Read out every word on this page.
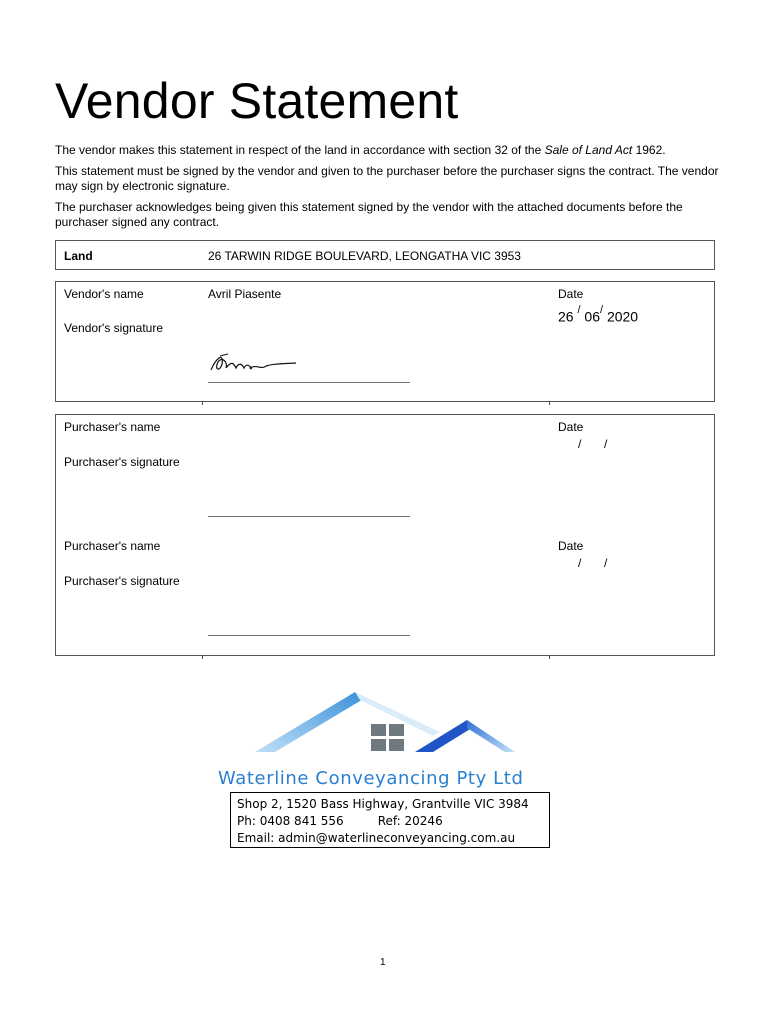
Vendor Statement

The vendor makes this statement in respect of the land in accordance with section 32 of the Sale of Land Act 1962.

This statement must be signed by the vendor and given to the purchaser before the purchaser signs the contract. The vendor may sign by electronic signature.

The purchaser acknowledges being given this statement signed by the vendor with the attached documents before the purchaser signed any contract.

Land	26 TARWIN RIDGE BOULEVARD, LEONGATHA VIC 3953
Vendor's name	Avril Piasente	Date
26 / 06/ 2020
Vendor's signature
Purchaser's name	Date
/ /
Purchaser's signature
Purchaser's name	Date
/ /
Purchaser's signature
Waterline Conveyancing Pty Ltd
Shop 2, 1520 Bass Highway, Grantville VIC 3984
Ph: 0408 841 556	Ref: 20246
Email: admin@waterlineconveyancing.com.au
1
